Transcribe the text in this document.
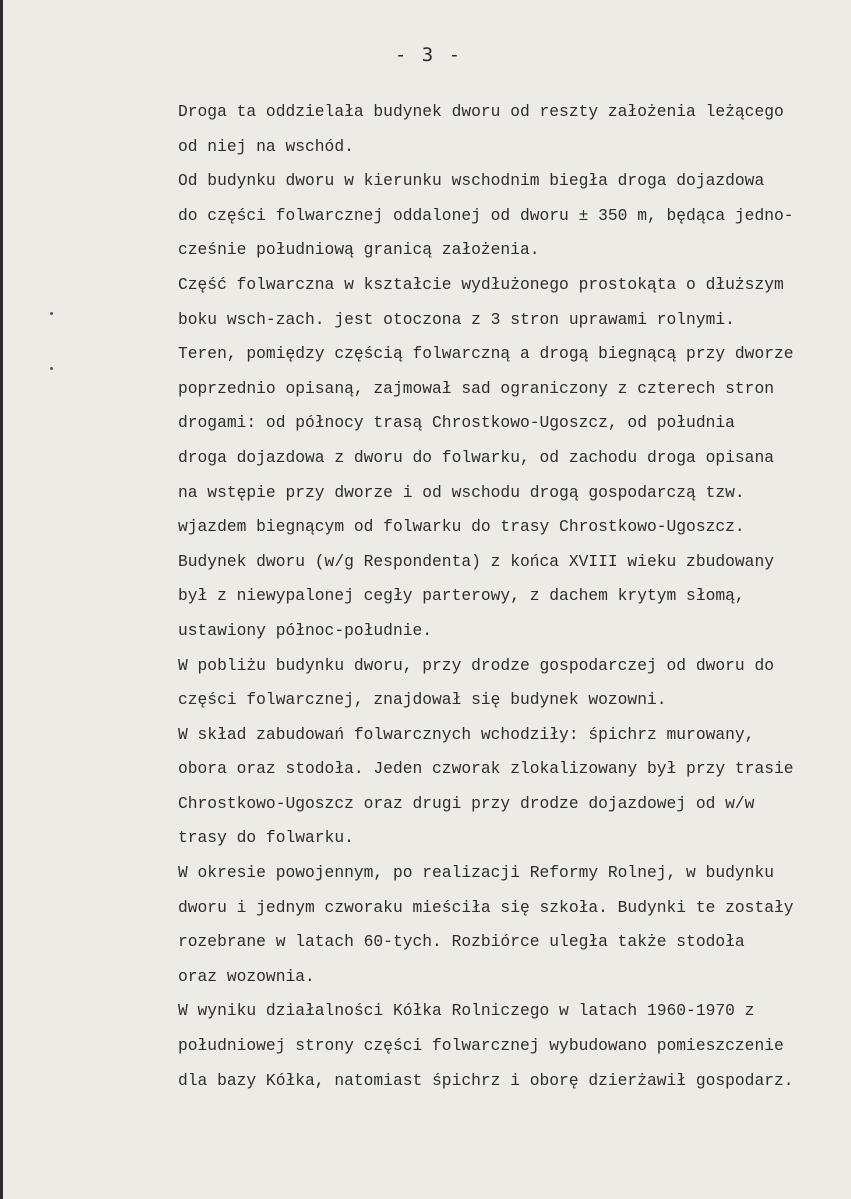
- 3 -

Droga ta oddzielała budynek dworu od reszty założenia leżącego

od niej na wschód.

Od budynku dworu w kierunku wschodnim biegła droga dojazdowa

do części folwarcznej oddalonej od dworu ± 350 m, będąca jedno-

cześnie południową granicą założenia.

Część folwarczna w kształcie wydłużonego prostokąta o dłuższym

boku wsch-zach. jest otoczona z 3 stron uprawami rolnymi.

Teren, pomiędzy częścią folwarczną a drogą biegnącą przy dworze

poprzednio opisaną, zajmował sad ograniczony z czterech stron

drogami: od północy trasą Chrostkowo-Ugoszcz, od południa

droga dojazdowa z dworu do folwarku, od zachodu droga opisana

na wstępie przy dworze i od wschodu drogą gospodarczą tzw.

wjazdem biegnącym od folwarku do trasy Chrostkowo-Ugoszcz.

Budynek dworu (w/g Respondenta) z końca XVIII wieku zbudowany

był z niewypalonej cegły parterowy, z dachem krytym słomą,

ustawiony północ-południe.

W pobliżu budynku dworu, przy drodze gospodarczej od dworu do

części folwarcznej, znajdował się budynek wozowni.

W skład zabudowań folwarcznych wchodziły: śpichrz murowany,

obora oraz stodoła. Jeden czworak zlokalizowany był przy trasie

Chrostkowo-Ugoszcz oraz drugi przy drodze dojazdowej od w/w

trasy do folwarku.

W okresie powojennym, po realizacji Reformy Rolnej, w budynku

dworu i jednym czworaku mieściła się szkoła. Budynki te zostały

rozebrane w latach 60-tych. Rozbiórce uległa także stodoła

oraz wozownia.

W wyniku działalności Kółka Rolniczego w latach 1960-1970 z

południowej strony części folwarcznej wybudowano pomieszczenie

dla bazy Kółka, natomiast śpichrz i oborę dzierżawił gospodarz.
